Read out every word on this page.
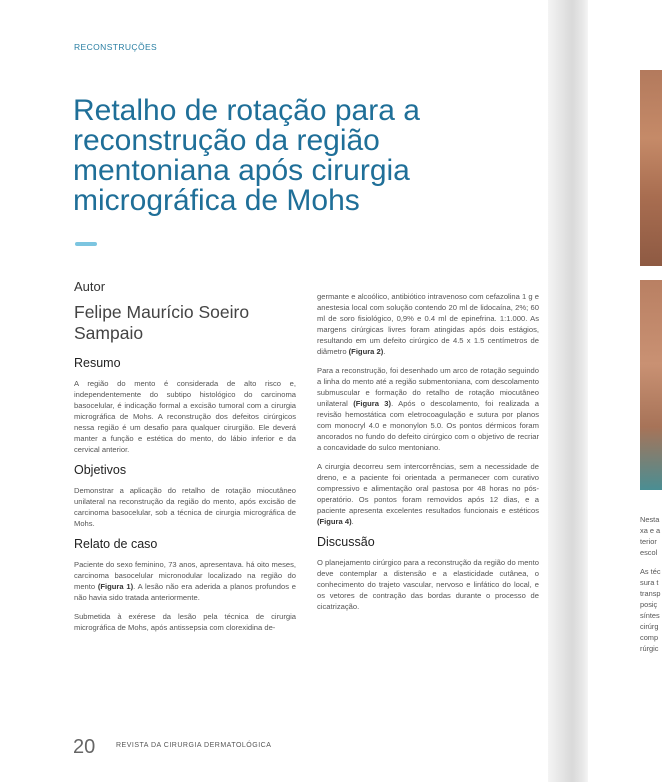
RECONSTRUÇÕES
Retalho de rotação para a reconstrução da região mentoniana após cirurgia micrográfica de Mohs
Autor
Felipe Maurício Soeiro Sampaio
Resumo

A região do mento é considerada de alto risco e, independentemente do subtipo histológico do carcinoma basocelular, é indicação formal a excisão tumoral com a cirurgia micrográfica de Mohs. A reconstrução dos defeitos cirúrgicos nessa região é um desafio para qualquer cirurgião. Ele deverá manter a função e estética do mento, do lábio inferior e da cervical anterior.

Objetivos

Demonstrar a aplicação do retalho de rotação miocutâneo unilateral na reconstrução da região do mento, após excisão de carcinoma basocelular, sob a técnica de cirurgia micrográfica de Mohs.

Relato de caso

Paciente do sexo feminino, 73 anos, apresentava. há oito meses, carcinoma basocelular micronodular localizado na região do mento (Figura 1). A lesão não era aderida a planos profundos e não havia sido tratada anteriormente.

Submetida à exérese da lesão pela técnica de cirurgia micrográfica de Mohs, após antissepsia com clorexidina de-

germante e alcoólico, antibiótico intravenoso com cefazolina 1 g e anestesia local com solução contendo 20 ml de lidocaína, 2%; 60 ml de soro fisiológico, 0,9% e 0.4 ml de epinefrina. 1:1.000. As margens cirúrgicas livres foram atingidas após dois estágios, resultando em um defeito cirúrgico de 4.5 x 1.5 centímetros de diâmetro (Figura 2).

Para a reconstrução, foi desenhado um arco de rotação seguindo a linha do mento até a região submentoniana, com descolamento submuscular e formação do retalho de rotação miocutâneo unilateral (Figura 3). Após o descolamento, foi realizada a revisão hemostática com eletrocoagulação e sutura por planos com monocryl 4.0 e mononylon 5.0. Os pontos dérmicos foram ancorados no fundo do defeito cirúrgico com o objetivo de recriar a concavidade do sulco mentoniano.

A cirurgia decorreu sem intercorrências, sem a necessidade de dreno, e a paciente foi orientada a permanecer com curativo compressivo e alimentação oral pastosa por 48 horas no pós-operatório. Os pontos foram removidos após 12 dias, e a paciente apresenta excelentes resultados funcionais e estéticos (Figura 4).

Discussão

O planejamento cirúrgico para a reconstrução da região do mento deve contemplar a distensão e a elasticidade cutânea, o conhecimento do trajeto vascular, nervoso e linfático do local, e os vetores de contração das bordas durante o processo de cicatrização.

20	REVISTA DA CIRURGIA DERMATOLÓGICA
Nesta
xa e a
terior
escol
As téc
sura t
transp
posiç
síntes
cirúrg
comp
rúrgic
